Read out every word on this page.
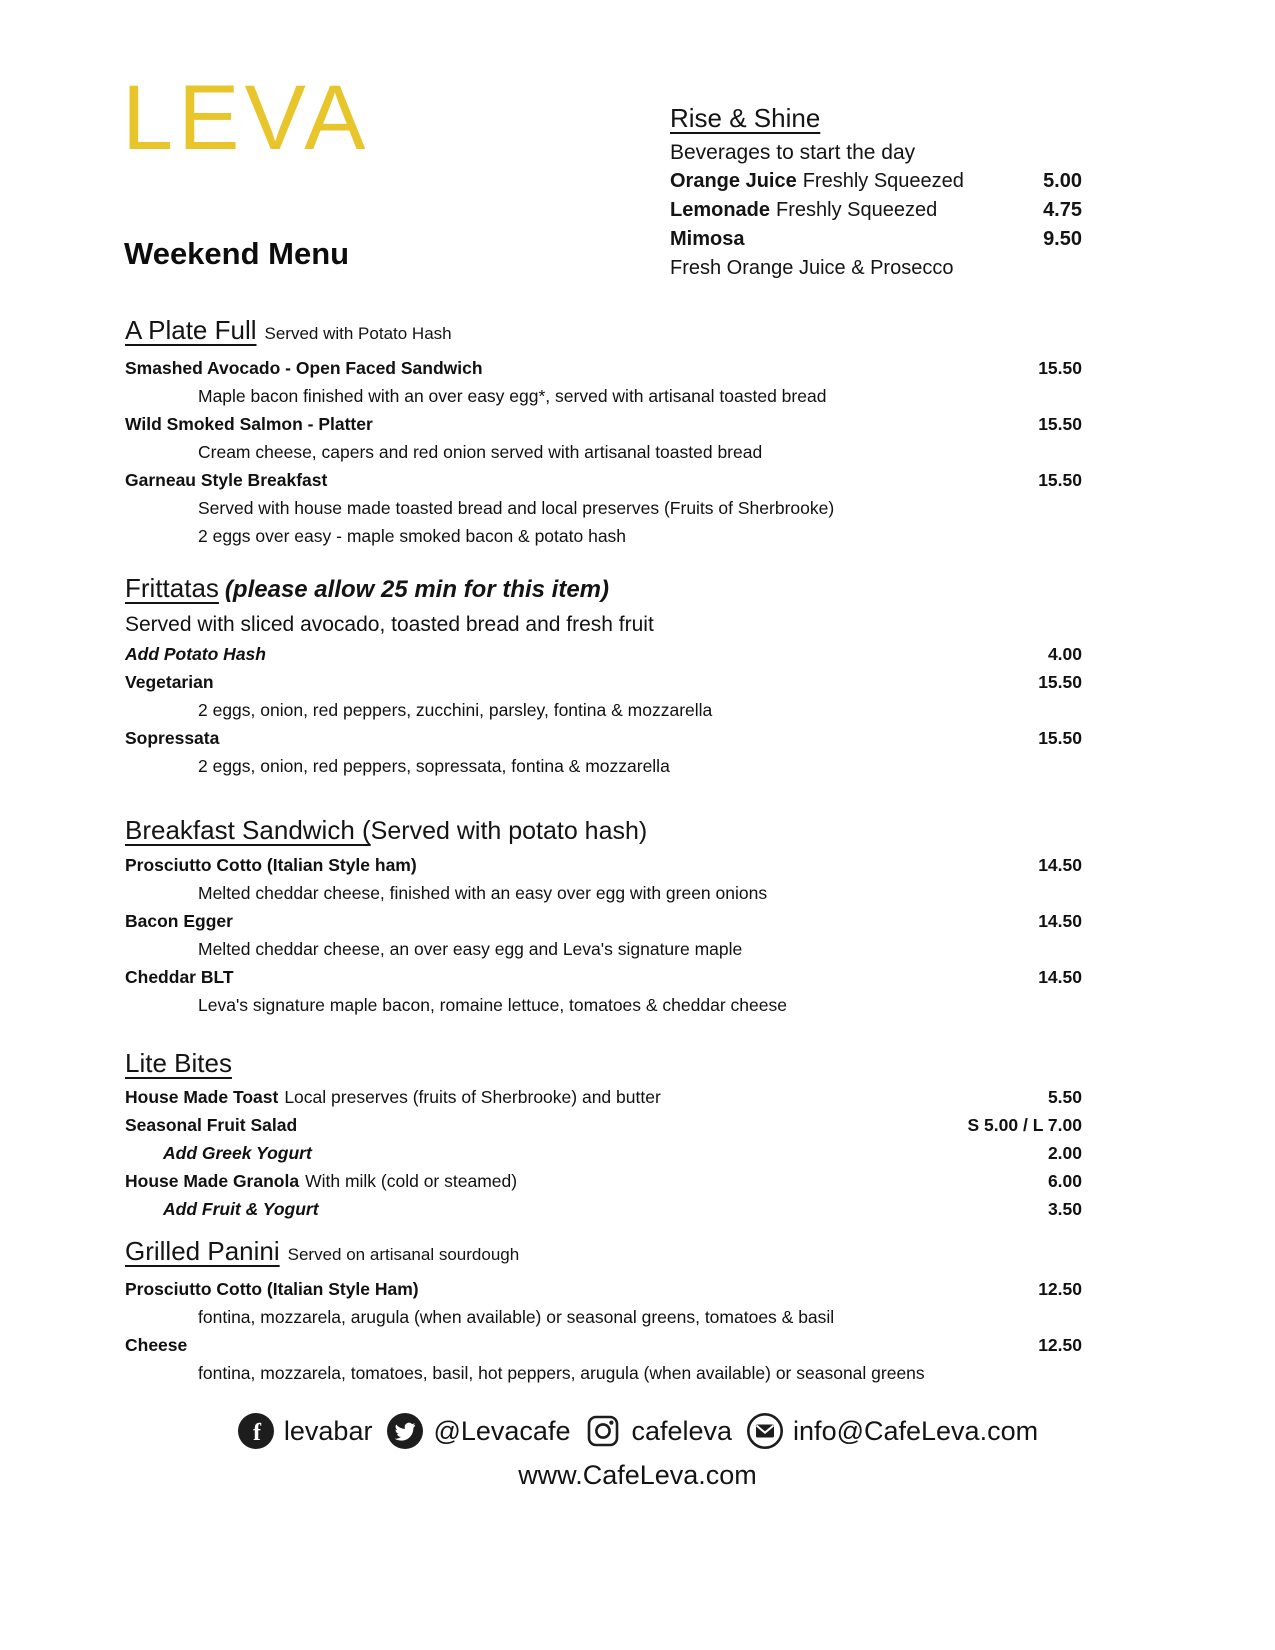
LEVA
Weekend Menu
Rise & Shine
Beverages to start the day
Orange Juice Freshly Squeezed	5.00
Lemonade Freshly Squeezed	4.75
Mimosa	9.50
Fresh Orange Juice & Prosecco
A Plate Full Served with Potato Hash
Smashed Avocado - Open Faced Sandwich	15.50
Maple bacon finished with an over easy egg*, served with artisanal toasted bread
Wild Smoked Salmon - Platter	15.50
Cream cheese, capers and red onion served with artisanal toasted bread
Garneau Style Breakfast	15.50
Served with house made toasted bread and local preserves (Fruits of Sherbrooke)
2 eggs over easy - maple smoked bacon & potato hash
Frittatas (please allow 25 min for this item)
Served with sliced avocado, toasted bread and fresh fruit
Add Potato Hash	4.00
Vegetarian	15.50
2 eggs, onion, red peppers, zucchini, parsley, fontina & mozzarella
Sopressata	15.50
2 eggs, onion, red peppers, sopressata, fontina & mozzarella
Breakfast Sandwich (Served with potato hash)
Prosciutto Cotto (Italian Style ham)	14.50
Melted cheddar cheese, finished with an easy over egg with green onions
Bacon Egger	14.50
Melted cheddar cheese, an over easy egg and Leva's signature maple
Cheddar BLT	14.50
Leva's signature maple bacon, romaine lettuce, tomatoes & cheddar cheese
Lite Bites
House Made Toast Local preserves (fruits of Sherbrooke) and butter	5.50
Seasonal Fruit Salad	S 5.00 / L 7.00
Add Greek Yogurt	2.00
House Made Granola With milk (cold or steamed)	6.00
Add Fruit & Yogurt	3.50
Grilled Panini Served on artisanal sourdough
Prosciutto Cotto (Italian Style Ham)	12.50
fontina, mozzarela, arugula (when available) or seasonal greens, tomatoes & basil
Cheese	12.50
fontina, mozzarela, tomatoes, basil, hot peppers, arugula (when available) or seasonal greens
f levabar @Levacafe cafeleva info@CafeLeva.com
www.CafeLeva.com
